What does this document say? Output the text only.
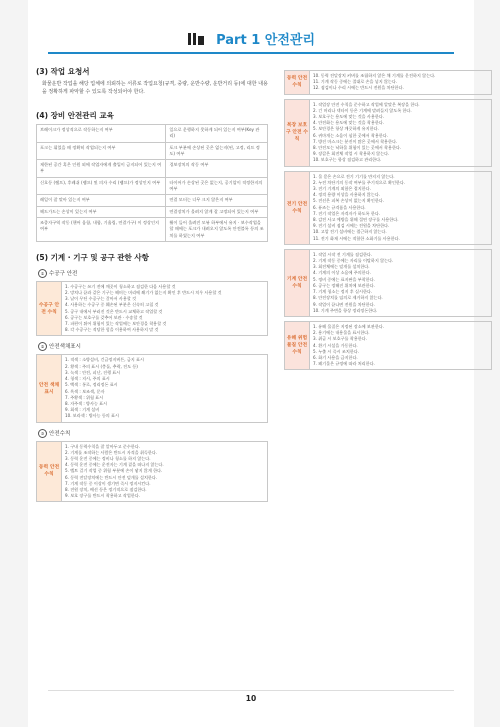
Part 1 안전관리
(3) 작업 요청서
화물운반 작업을 해당 업체에 의뢰하는 서류로 작업요청(규격, 중량, 운반수량, 운반거리 등)에 대한 내용을 정확하게 파악할 수 있도록 작성되어야 한다.
(4) 장비 안전관리 교육
브레이크가 정상적으로 작동하는지 여부	일으로 운행하지 못하게 되어 있는지 여부(Key 관리)
포크는 휘었을 때 정확히 작업되는지 여부	포크 부분에 손상된 곳은 없는지(핀, 고정, 리프 정도) 여부
제한된 공간 혹은 인원 외에 작업자에게 출입이 금지되어 있는지 여부	경보장치의 작동 여부
신호등 (램프), 후레쉬 (램프) 및 의자 수리 (램프)가 정상인지 여부	타이어가 손상된 곳은 없는지, 공기압이 적정한지의 여부
레일이 잘 맞아 있는지 여부	연결 모터는 너무 크지 않은지 여부
헤드가드는 손상이 있는지 여부	연결장치가 올려지 않게 잘 고정되어 있는지 여부
조종자구역 작동 (핸어 움함, 내함, 기울림, 연결가구) 이 정상인지 여부	휠이 들어 올려진 모뷰 하부에서 유지 · 보수작업을 할 때에는 포크가 내려오지 않도록 안전블록 등의 조치를 하였는지 여부
(5) 기계 · 기구 및 공구 관한 사항
① 수공구 안전
수공구 안전 수칙	
1. 수공구는 쓰기 전에 깨끗이 청소하고 점검한 다음 사용할 것
2. 망치나 끝과 같은 기구는 해머는 머리에 쐐기가 없는지 확인 후 반드시 치우 사용할 것
3. 날이 무딘 수공구는 갈아서 사용할 것
4. 사용하는 수공구 중 훼손된 부분은 신속히 고칠 것
5. 공구 내에서 부러진 것은 반드시 교체하고 작업할 것
6. 공구는 보호구를 갖추어 보관 · 수송할 것
7. 파편이 튀어 위험이 있는 작업에는 보안경을 착용할 것
8. 각 수공구는 적당한 힘을 이용하여 사용하지 말 것
② 안전색채표시
안전 색채 표시	
1. 적색 : 소방설비, 긴급정지버튼, 금지 표시
2. 황색 : 주의 표시 (충돌, 추락, 전도 등)
3. 녹색 : 안전, 피난, 진행 표시
4. 청색 : 지시, 주의 표시
5. 백색 : 통로, 정리정돈 표시
6. 흑색 : 보조색, 문자
7. 주황색 : 위험 표시
8. 자주색 : 방사능 표시
9. 회색 : 기계 설비
10. 보라색 : 방사능 등의 표시
③ 안전수칙
동력 안전 수칙	
1. 구내 동력수칙을 잘 알아두고 준수한다.
2. 기계를 조작하는 사람은 반드시 자격을 취득한다.
3. 동력 운전 중에는 정비나 청소를 하지 않는다.
4. 동력 운전 중에는 운전자는 기계 곁을 떠나지 않는다.
5. 벨트 걸기 작업 중 위험 부분에 손이 닿지 않게 한다.
6. 동력 전달장치에는 반드시 안전 덮개를 설치한다.
7. 기계 작동 중 이상이 생기면 즉시 정지시킨다.
8. 전원 장치, 배선 등은 정기적으로 점검한다.
9. 보호 장구를 반드시 착용하고 작업한다.
동력 안전 수칙	
10. 동력 전달장치 커버를 조립하지 않은 채 기계를 운전하지 않는다.
11. 기계 작동 중에는 절대로 손을 넣지 않는다.
12. 점검이나 수리 시에는 반드시 전원을 차단한다.
복장 보호구 안전 수칙	
1. 작업장 안전 수칙을 준수하고 작업에 알맞은 복장을 한다.
2. 긴 머리나 넥타이 등은 기계에 말려들지 않도록 한다.
3. 보호구는 용도에 맞는 것을 사용한다.
4. 안전화는 용도에 맞는 것을 착용한다.
5. 보안경은 항상 깨끗하게 유지한다.
6. 귀마개는 소음이 심한 곳에서 착용한다.
7. 방진 마스크는 분진이 많은 곳에서 착용한다.
8. 안전모는 낙하물 위험이 있는 곳에서 착용한다.
9. 장갑은 회전체 작업 시 착용하지 않는다.
10. 보호구는 항상 점검하고 관리한다.
전기 안전 수칙	
1. 물 묻은 손으로 전기 기기를 만지지 않는다.
2. 누전 차단기의 동작 여부를 주기적으로 확인한다.
3. 전기 기계의 외함은 접지한다.
4. 정격 용량 이상을 사용하지 않는다.
5. 전선은 피복 손상이 없는지 확인한다.
6. 퓨즈는 규격품을 사용한다.
7. 전기 작업은 자격자가 하도록 한다.
8. 감전 사고 예방을 위해 절연 장구를 사용한다.
9. 전기 설비 점검 시에는 전원을 차단한다.
10. 고압 전기 설비에는 접근하지 않는다.
11. 전기 화재 시에는 적합한 소화기를 사용한다.
기계 안전 수칙	
1. 작업 시작 전 기계를 점검한다.
2. 기계 작동 중에는 자리를 이탈하지 않는다.
3. 회전체에는 덮개를 설치한다.
4. 기계의 이상 소음에 주의한다.
5. 정비 중에는 표지판을 부착한다.
6. 공구는 정해진 위치에 보관한다.
7. 기계 청소는 정지 후 실시한다.
8. 안전장치를 임의로 제거하지 않는다.
9. 작업이 끝나면 전원을 차단한다.
10. 기계 주변을 항상 정리정돈한다.
유해 위험 물질 안전 수칙	
1. 유해 물질은 지정된 장소에 보관한다.
2. 용기에는 내용물을 표시한다.
3. 취급 시 보호구를 착용한다.
4. 환기 시설을 가동한다.
5. 누출 시 즉시 조치한다.
6. 화기 사용을 금지한다.
7. 폐기물은 규정에 따라 처리한다.
10
